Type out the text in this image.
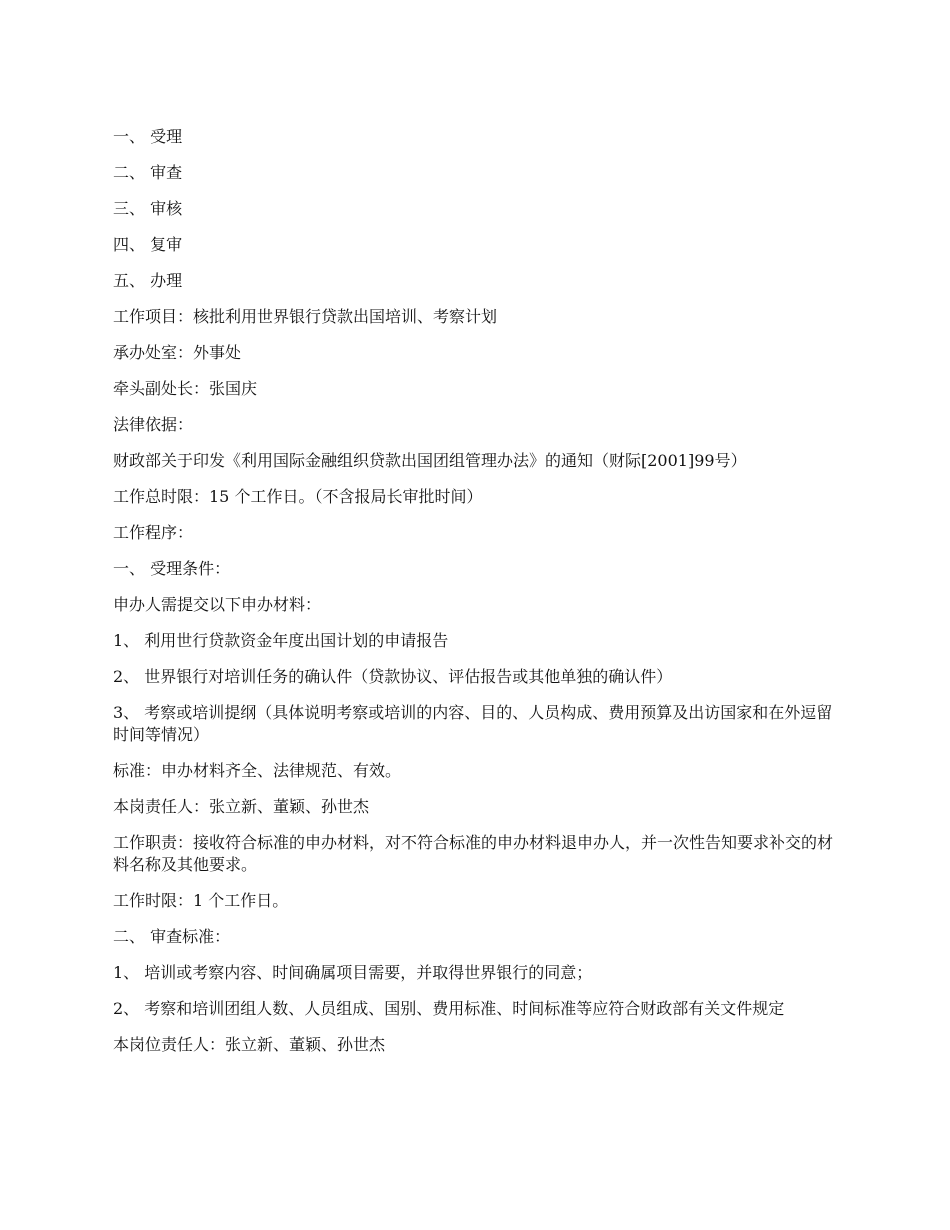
一、 受理

二、 审查

三、 审核

四、 复审

五、 办理

工作项目：核批利用世界银行贷款出国培训、考察计划

承办处室：外事处

牵头副处长：张国庆

法律依据：

财政部关于印发《利用国际金融组织贷款出国团组管理办法》的通知（财际[2001]99号）

工作总时限：15 个工作日。（不含报局长审批时间）

工作程序：

一、 受理条件：

申办人需提交以下申办材料：

1、 利用世行贷款资金年度出国计划的申请报告

2、 世界银行对培训任务的确认件（贷款协议、评估报告或其他单独的确认件）

3、 考察或培训提纲（具体说明考察或培训的内容、目的、人员构成、费用预算及出访国家和在外逗留时间等情况）

标准：申办材料齐全、法律规范、有效。

本岗责任人：张立新、董颖、孙世杰

工作职责：接收符合标准的申办材料，对不符合标准的申办材料退申办人，并一次性告知要求补交的材料名称及其他要求。

工作时限：1 个工作日。

二、 审查标准：

1、 培训或考察内容、时间确属项目需要，并取得世界银行的同意；

2、 考察和培训团组人数、人员组成、国别、费用标准、时间标准等应符合财政部有关文件规定

本岗位责任人：张立新、董颖、孙世杰
